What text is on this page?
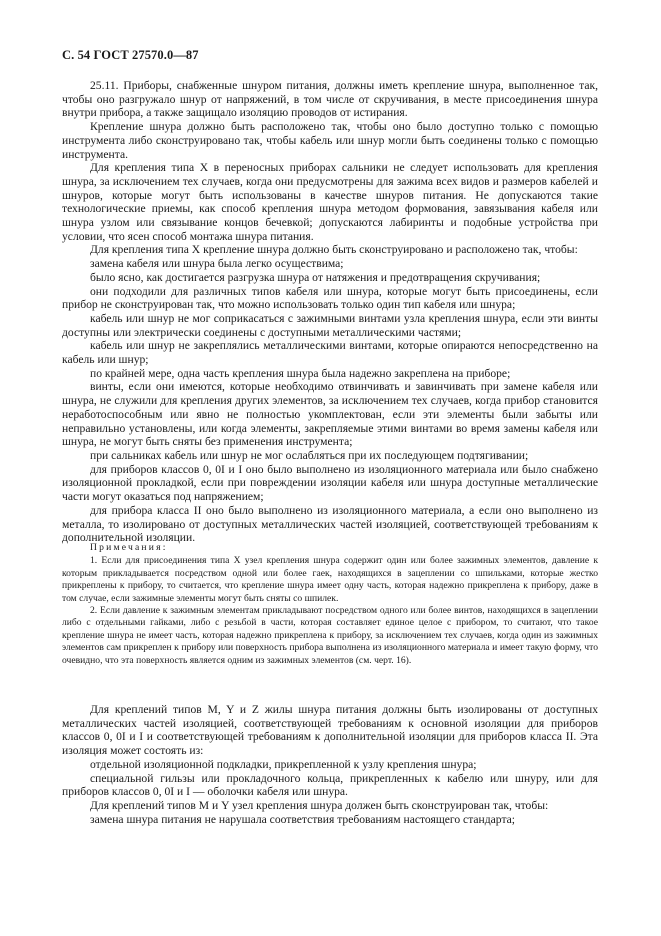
С. 54 ГОСТ 27570.0—87

25.11. Приборы, снабженные шнуром питания, должны иметь крепление шнура, выполненное так, чтобы оно разгружало шнур от напряжений, в том числе от скручивания, в месте присоединения шнура внутри прибора, а также защищало изоляцию проводов от истирания.

Крепление шнура должно быть расположено так, чтобы оно было доступно только с помощью инструмента либо сконструировано так, чтобы кабель или шнур могли быть соединены только с помощью инструмента.

Для крепления типа X в переносных приборах сальники не следует использовать для крепления шнура, за исключением тех случаев, когда они предусмотрены для зажима всех видов и размеров кабелей и шнуров, которые могут быть использованы в качестве шнуров питания. Не допускаются такие технологические приемы, как способ крепления шнура методом формования, завязывания кабеля или шнура узлом или связывание концов бечевкой; допускаются лабиринты и подобные устройства при условии, что ясен способ монтажа шнура питания.

Для крепления типа X крепление шнура должно быть сконструировано и расположено так, чтобы:

замена кабеля или шнура была легко осуществима;

было ясно, как достигается разгрузка шнура от натяжения и предотвращения скручивания;

они подходили для различных типов кабеля или шнура, которые могут быть присоединены, если прибор не сконструирован так, что можно использовать только один тип кабеля или шнура;

кабель или шнур не мог соприкасаться с зажимными винтами узла крепления шнура, если эти винты доступны или электрически соединены с доступными металлическими частями;

кабель или шнур не закреплялись металлическими винтами, которые опираются непосредственно на кабель или шнур;

по крайней мере, одна часть крепления шнура была надежно закреплена на приборе;

винты, если они имеются, которые необходимо отвинчивать и завинчивать при замене кабеля или шнура, не служили для крепления других элементов, за исключением тех случаев, когда прибор становится неработоспособным или явно не полностью укомплектован, если эти элементы были забыты или неправильно установлены, или когда элементы, закрепляемые этими винтами во время замены кабеля или шнура, не могут быть сняты без применения инструмента;

при сальниках кабель или шнур не мог ослабляться при их последующем подтягивании;

для приборов классов 0, 0I и I оно было выполнено из изоляционного материала или было снабжено изоляционной прокладкой, если при повреждении изоляции кабеля или шнура доступные металлические части могут оказаться под напряжением;

для прибора класса II оно было выполнено из изоляционного материала, а если оно выполнено из металла, то изолировано от доступных металлических частей изоляцией, соответствующей требованиям к дополнительной изоляции.

Примечания:

1. Если для присоединения типа X узел крепления шнура содержит один или более зажимных элементов, давление к которым прикладывается посредством одной или более гаек, находящихся в зацеплении со шпильками, которые жестко прикреплены к прибору, то считается, что крепление шнура имеет одну часть, которая надежно прикреплена к прибору, даже в том случае, если зажимные элементы могут быть сняты со шпилек.

2. Если давление к зажимным элементам прикладывают посредством одного или более винтов, находящихся в зацеплении либо с отдельными гайками, либо с резьбой в части, которая составляет единое целое с прибором, то считают, что такое крепление шнура не имеет часть, которая надежно прикреплена к прибору, за исключением тех случаев, когда один из зажимных элементов сам прикреплен к прибору или поверхность прибора выполнена из изоляционного материала и имеет такую форму, что очевидно, что эта поверхность является одним из зажимных элементов (см. черт. 16).

Для креплений типов M, Y и Z жилы шнура питания должны быть изолированы от доступных металлических частей изоляцией, соответствующей требованиям к основной изоляции для приборов классов 0, 0I и I и соответствующей требованиям к дополнительной изоляции для приборов класса II. Эта изоляция может состоять из:

отдельной изоляционной подкладки, прикрепленной к узлу крепления шнура;

специальной гильзы или прокладочного кольца, прикрепленных к кабелю или шнуру, или для приборов классов 0, 0I и I — оболочки кабеля или шнура.

Для креплений типов M и Y узел крепления шнура должен быть сконструирован так, чтобы:

замена шнура питания не нарушала соответствия требованиям настоящего стандарта;
